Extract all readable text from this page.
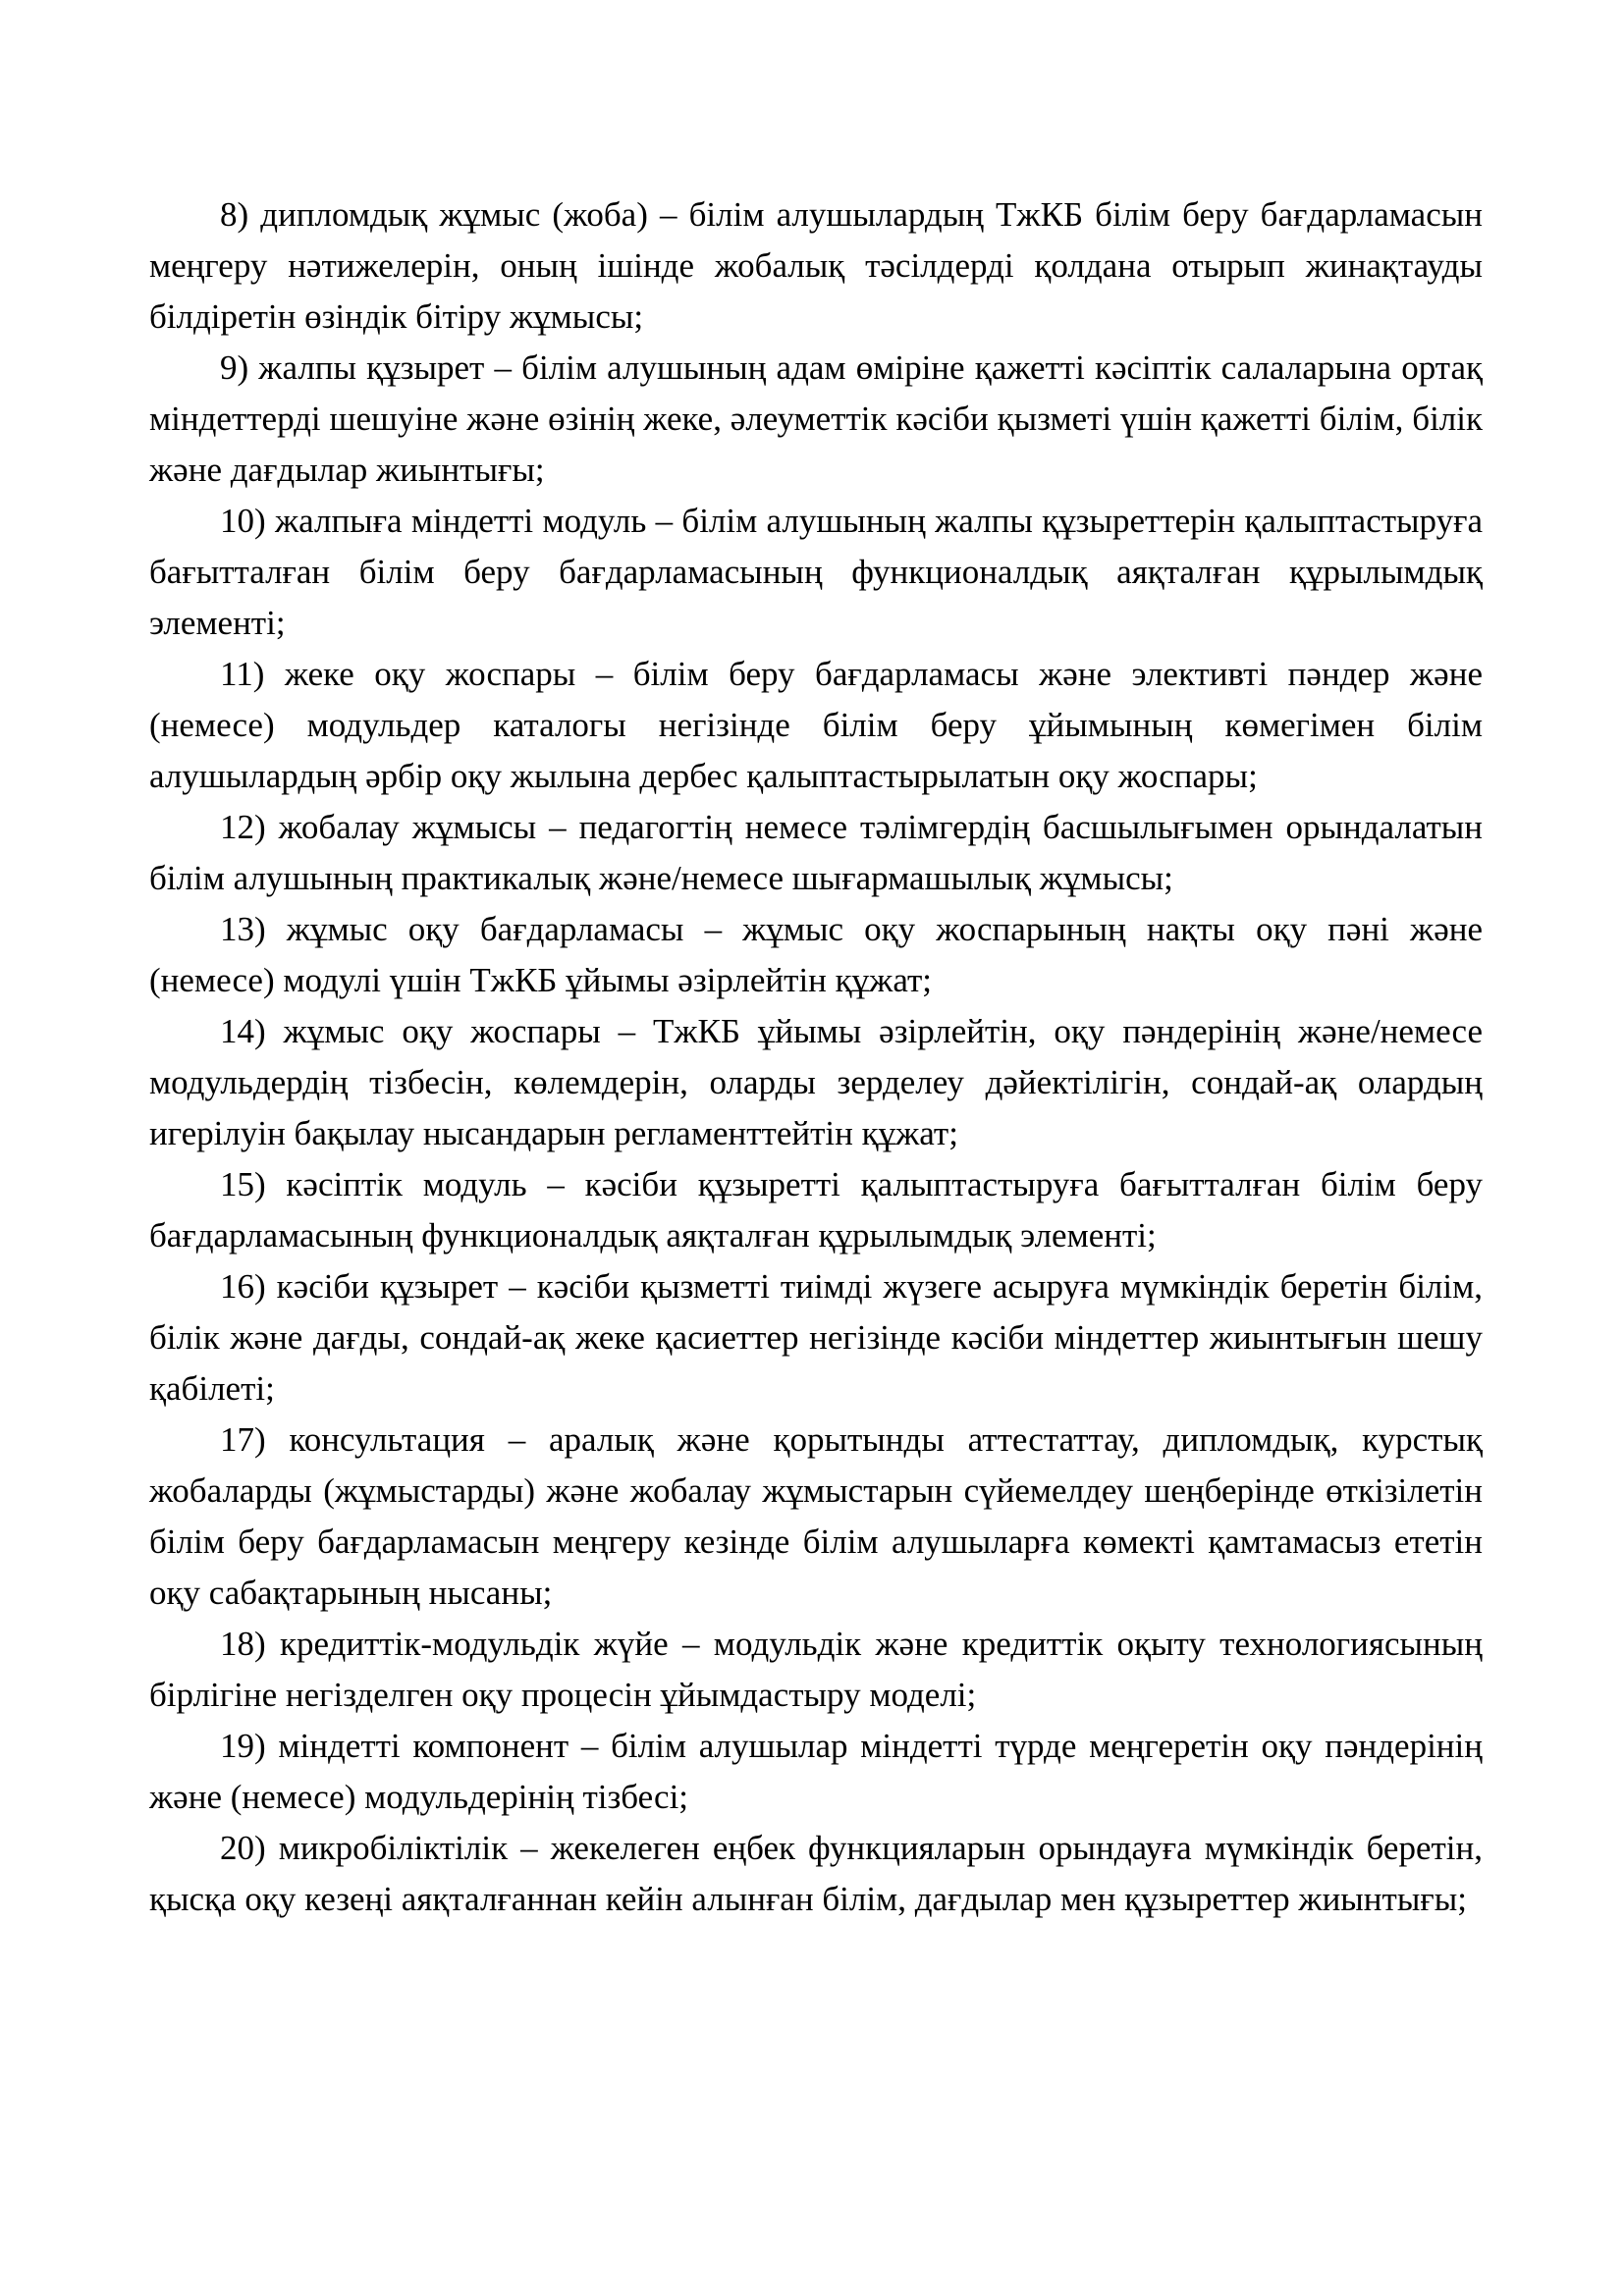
8) дипломдық жұмыс (жоба) – білім алушылардың ТжКБ білім беру бағдарламасын меңгеру нәтижелерін, оның ішінде жобалық тәсілдерді қолдана отырып жинақтауды білдіретін өзіндік бітіру жұмысы;

9) жалпы құзырет – білім алушының адам өміріне қажетті кәсіптік салаларына ортақ міндеттерді шешуіне және өзінің жеке, әлеуметтік кәсіби қызметі үшін қажетті білім, білік және дағдылар жиынтығы;

10) жалпыға міндетті модуль – білім алушының жалпы құзыреттерін қалыптастыруға бағытталған білім беру бағдарламасының функционалдық аяқталған құрылымдық элементі;

11) жеке оқу жоспары – білім беру бағдарламасы және элективті пәндер және (немесе) модульдер каталогы негізінде білім беру ұйымының көмегімен білім алушылардың әрбір оқу жылына дербес қалыптастырылатын оқу жоспары;

12) жобалау жұмысы – педагогтің немесе тәлімгердің басшылығымен орындалатын білім алушының практикалық және/немесе шығармашылық жұмысы;

13) жұмыс оқу бағдарламасы – жұмыс оқу жоспарының нақты оқу пәні және (немесе) модулі үшін ТжКБ ұйымы әзірлейтін құжат;

14) жұмыс оқу жоспары – ТжКБ ұйымы әзірлейтін, оқу пәндерінің және/немесе модульдердің тізбесін, көлемдерін, оларды зерделеу дәйектілігін, сондай-ақ олардың игерілуін бақылау нысандарын регламенттейтін құжат;

15) кәсіптік модуль – кәсіби құзыретті қалыптастыруға бағытталған білім беру бағдарламасының функционалдық аяқталған құрылымдық элементі;

16) кәсіби құзырет – кәсіби қызметті тиімді жүзеге асыруға мүмкіндік беретін білім, білік және дағды, сондай-ақ жеке қасиеттер негізінде кәсіби міндеттер жиынтығын шешу қабілеті;

17) консультация – аралық және қорытынды аттестаттау, дипломдық, курстық жобаларды (жұмыстарды) және жобалау жұмыстарын сүйемелдеу шеңберінде өткізілетін білім беру бағдарламасын меңгеру кезінде білім алушыларға көмекті қамтамасыз ететін оқу сабақтарының нысаны;

18) кредиттік-модульдік жүйе – модульдік және кредиттік оқыту технологиясының бірлігіне негізделген оқу процесін ұйымдастыру моделі;

19) міндетті компонент – білім алушылар міндетті түрде меңгеретін оқу пәндерінің және (немесе) модульдерінің тізбесі;

20) микробіліктілік – жекелеген еңбек функцияларын орындауға мүмкіндік беретін, қысқа оқу кезеңі аяқталғаннан кейін алынған білім, дағдылар мен құзыреттер жиынтығы;
